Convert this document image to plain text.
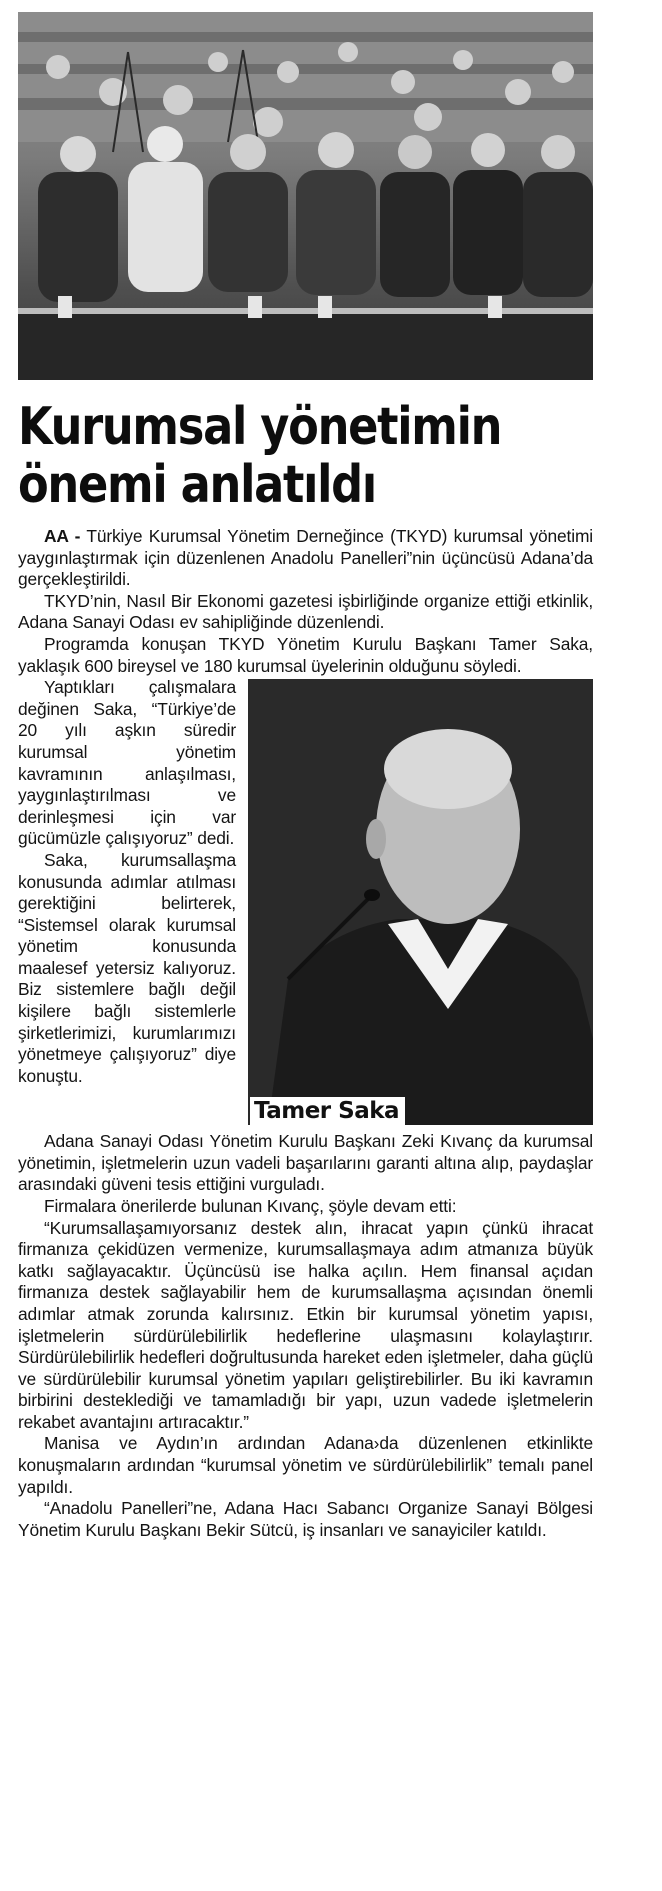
Kurumsal yönetimin
önemi anlatıldı

AA - Türkiye Kurumsal Yönetim Derneğince (TKYD) kurumsal yönetimi yaygınlaştırmak için düzenlenen Anadolu Panelleri”nin üçüncüsü Adana’da gerçekleştirildi.

TKYD’nin, Nasıl Bir Ekonomi gazetesi işbirliğinde organize ettiği etkinlik, Adana Sanayi Odası ev sahipliğinde düzenlendi.

Programda konuşan TKYD Yönetim Kurulu Başkanı Tamer Saka, yaklaşık 600 bireysel ve 180 kurumsal üyelerinin olduğunu söyledi.

Tamer Saka

Yaptıkları çalışmalara değinen Saka, “Türkiye’de 20 yılı aşkın süredir kurumsal yönetim kavramının anlaşılması, yaygınlaştırılması ve derinleşmesi için var gücümüzle çalışıyoruz” dedi.

Saka, kurumsallaşma konusunda adımlar atılması gerektiğini belirterek, “Sistemsel olarak kurumsal yönetim konusunda maalesef yetersiz kalıyoruz. Biz sistemlere bağlı değil kişilere bağlı sistemlerle şirketlerimizi, kurumlarımızı yönetmeye çalışıyoruz” diye konuştu.

Adana Sanayi Odası Yönetim Kurulu Başkanı Zeki Kıvanç da kurumsal yönetimin, işletmelerin uzun vadeli başarılarını garanti altına alıp, paydaşlar arasındaki güveni tesis ettiğini vurguladı.

Firmalara önerilerde bulunan Kıvanç, şöyle devam etti:

“Kurumsallaşamıyorsanız destek alın, ihracat yapın çünkü ihracat firmanıza çekidüzen vermenize, kurumsallaşmaya adım atmanıza büyük katkı sağlayacaktır. Üçüncüsü ise halka açılın. Hem finansal açıdan firmanıza destek sağlayabilir hem de kurumsallaşma açısından önemli adımlar atmak zorunda kalırsınız. Etkin bir kurumsal yönetim yapısı, işletmelerin sürdürülebilirlik hedeflerine ulaşmasını kolaylaştırır. Sürdürülebilirlik hedefleri doğrultusunda hareket eden işletmeler, daha güçlü ve sürdürülebilir kurumsal yönetim yapıları geliştirebilirler. Bu iki kavramın birbirini desteklediği ve tamamladığı bir yapı, uzun vadede işletmelerin rekabet avantajını artıracaktır.”

Manisa ve Aydın’ın ardından Adana›da düzenlenen etkinlikte konuşmaların ardından “kurumsal yönetim ve sürdürülebilirlik” temalı panel yapıldı.

“Anadolu Panelleri”ne, Adana Hacı Sabancı Organize Sanayi Bölgesi Yönetim Kurulu Başkanı Bekir Sütcü, iş insanları ve sanayiciler katıldı.
